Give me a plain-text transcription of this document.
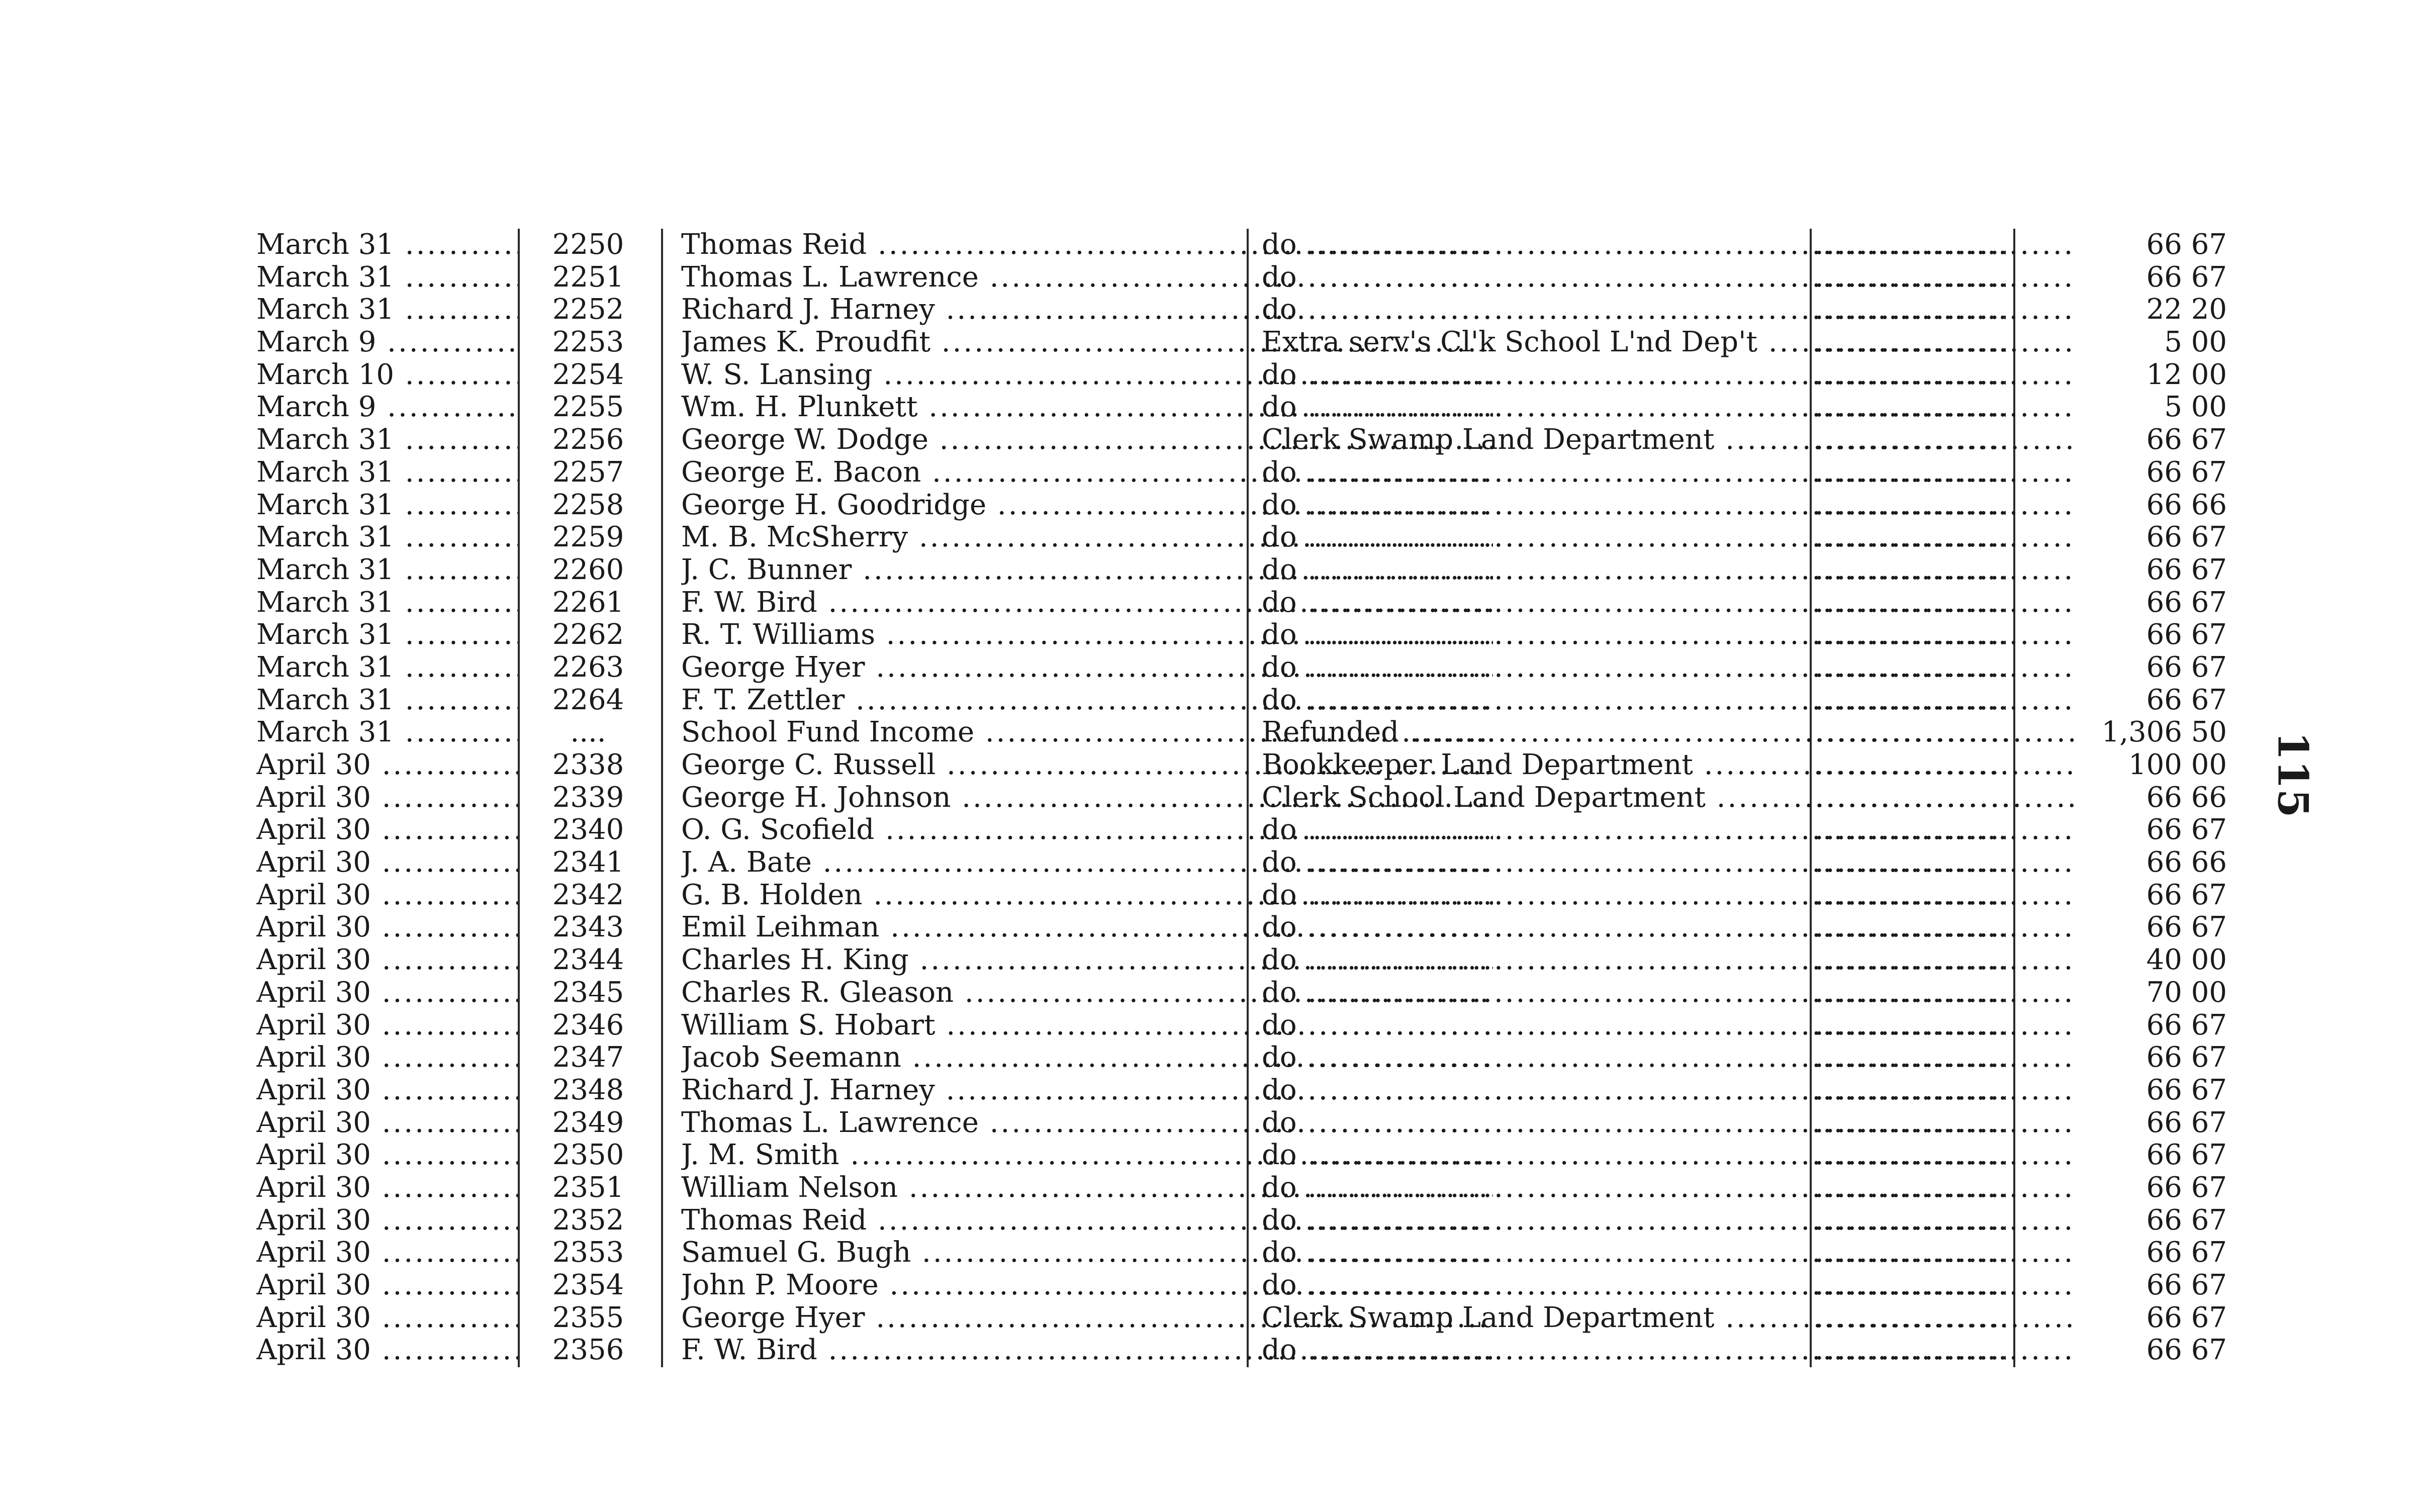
March 31 .....	2250	Thomas Reid .....	do ..... .....	66 67
March 31 .....	2251	Thomas L. Lawrence .....	do ..... .....	66 67
March 31 .....	2252	Richard J. Harney .....	do ..... .....	22 20
March 9 .....	2253	James K. Proudfit .....	Extra serv's Cl'k School L'nd Dep't ..... .....	5 00
March 10 .....	2254	W. S. Lansing .....	do ..... .....	12 00
March 9 .....	2255	Wm. H. Plunkett .....	do ..... .....	5 00
March 31 .....	2256	George W. Dodge .....	Clerk Swamp Land Department ..... .....	66 67
March 31 .....	2257	George E. Bacon .....	do ..... .....	66 67
March 31 .....	2258	George H. Goodridge .....	do ..... .....	66 66
March 31 .....	2259	M. B. McSherry .....	do ..... .....	66 67
March 31 .....	2260	J. C. Bunner .....	do ..... .....	66 67
March 31 .....	2261	F. W. Bird .....	do ..... .....	66 67
March 31 .....	2262	R. T. Williams .....	do ..... .....	66 67
March 31 .....	2263	George Hyer .....	do ..... .....	66 67
March 31 .....	2264	F. T. Zettler .....	do ..... .....	66 67
March 31 .....	....	School Fund Income .....	Refunded ..... .....	1,306 50
April 30 .....	2338	George C. Russell .....	Bookkeeper Land Department ..... .....	100 00
April 30 .....	2339	George H. Johnson .....	Clerk School Land Department ..... .....	66 66
April 30 .....	2340	O. G. Scofield .....	do ..... .....	66 67
April 30 .....	2341	J. A. Bate .....	do ..... .....	66 66
April 30 .....	2342	G. B. Holden .....	do ..... .....	66 67
April 30 .....	2343	Emil Leihman .....	do ..... .....	66 67
April 30 .....	2344	Charles H. King .....	do ..... .....	40 00
April 30 .....	2345	Charles R. Gleason .....	do ..... .....	70 00
April 30 .....	2346	William S. Hobart .....	do ..... .....	66 67
April 30 .....	2347	Jacob Seemann .....	do ..... .....	66 67
April 30 .....	2348	Richard J. Harney .....	do ..... .....	66 67
April 30 .....	2349	Thomas L. Lawrence .....	do ..... .....	66 67
April 30 .....	2350	J. M. Smith .....	do ..... .....	66 67
April 30 .....	2351	William Nelson .....	do ..... .....	66 67
April 30 .....	2352	Thomas Reid .....	do ..... .....	66 67
April 30 .....	2353	Samuel G. Bugh .....	do ..... .....	66 67
April 30 .....	2354	John P. Moore .....	do ..... .....	66 67
April 30 .....	2355	George Hyer .....	Clerk Swamp Land Department ..... .....	66 67
April 30 .....	2356	F. W. Bird .....	do ..... .....	66 67
115
